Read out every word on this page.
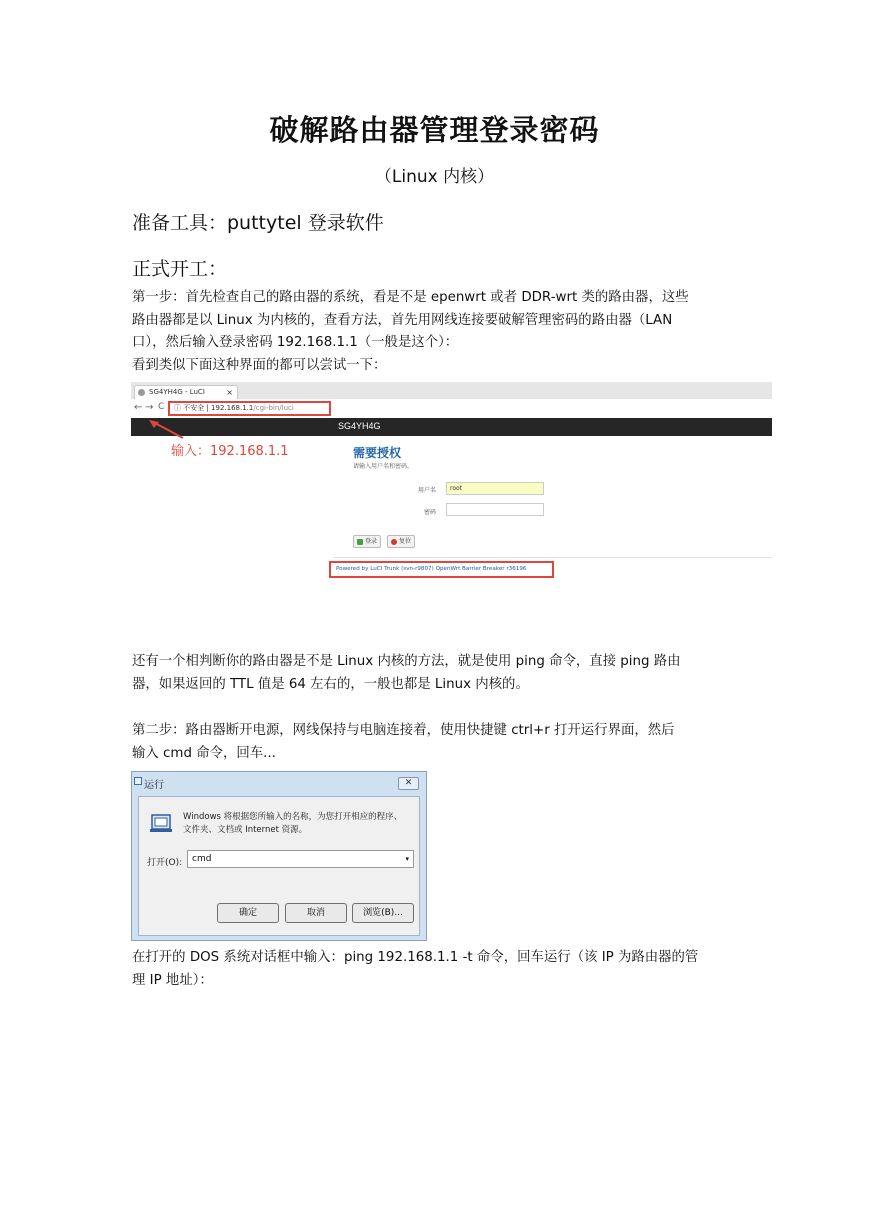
破解路由器管理登录密码
（Linux 内核）
准备工具：puttytel 登录软件
正式开工：
第一步：首先检查自己的路由器的系统，看是不是 epenwrt 或者 DDR-wrt 类的路由器，这些
路由器都是以 Linux 为内核的，查看方法，首先用网线连接要破解管理密码的路由器（LAN
口），然后输入登录密码 192.168.1.1（一般是这个）：
看到类似下面这种界面的都可以尝试一下：
SG4YH4G - LuCI	×
← → C	ⓘ 不安全 | 192.168.1.1/cgi-bin/luci
SG4YH4G
输入：192.168.1.1	需要授权
请输入用户名和密码。
用户名	root
密码
登录	复位
Powered by LuCI Trunk (svn-r9807) OpenWrt Barrier Breaker r36196
还有一个相判断你的路由器是不是 Linux 内核的方法，就是使用 ping 命令，直接 ping 路由
器，如果返回的 TTL 值是 64 左右的，一般也都是 Linux 内核的。
第二步：路由器断开电源，网线保持与电脑连接着，使用快捷键 ctrl+r 打开运行界面，然后
输入 cmd 命令，回车...
运行	✕
Windows 将根据您所输入的名称，为您打开相应的程序、
文件夹、文档或 Internet 资源。
打开(O):	cmd	▾
确定	取消	浏览(B)...
在打开的 DOS 系统对话框中输入：ping 192.168.1.1 -t 命令，回车运行（该 IP 为路由器的管
理 IP 地址）：
